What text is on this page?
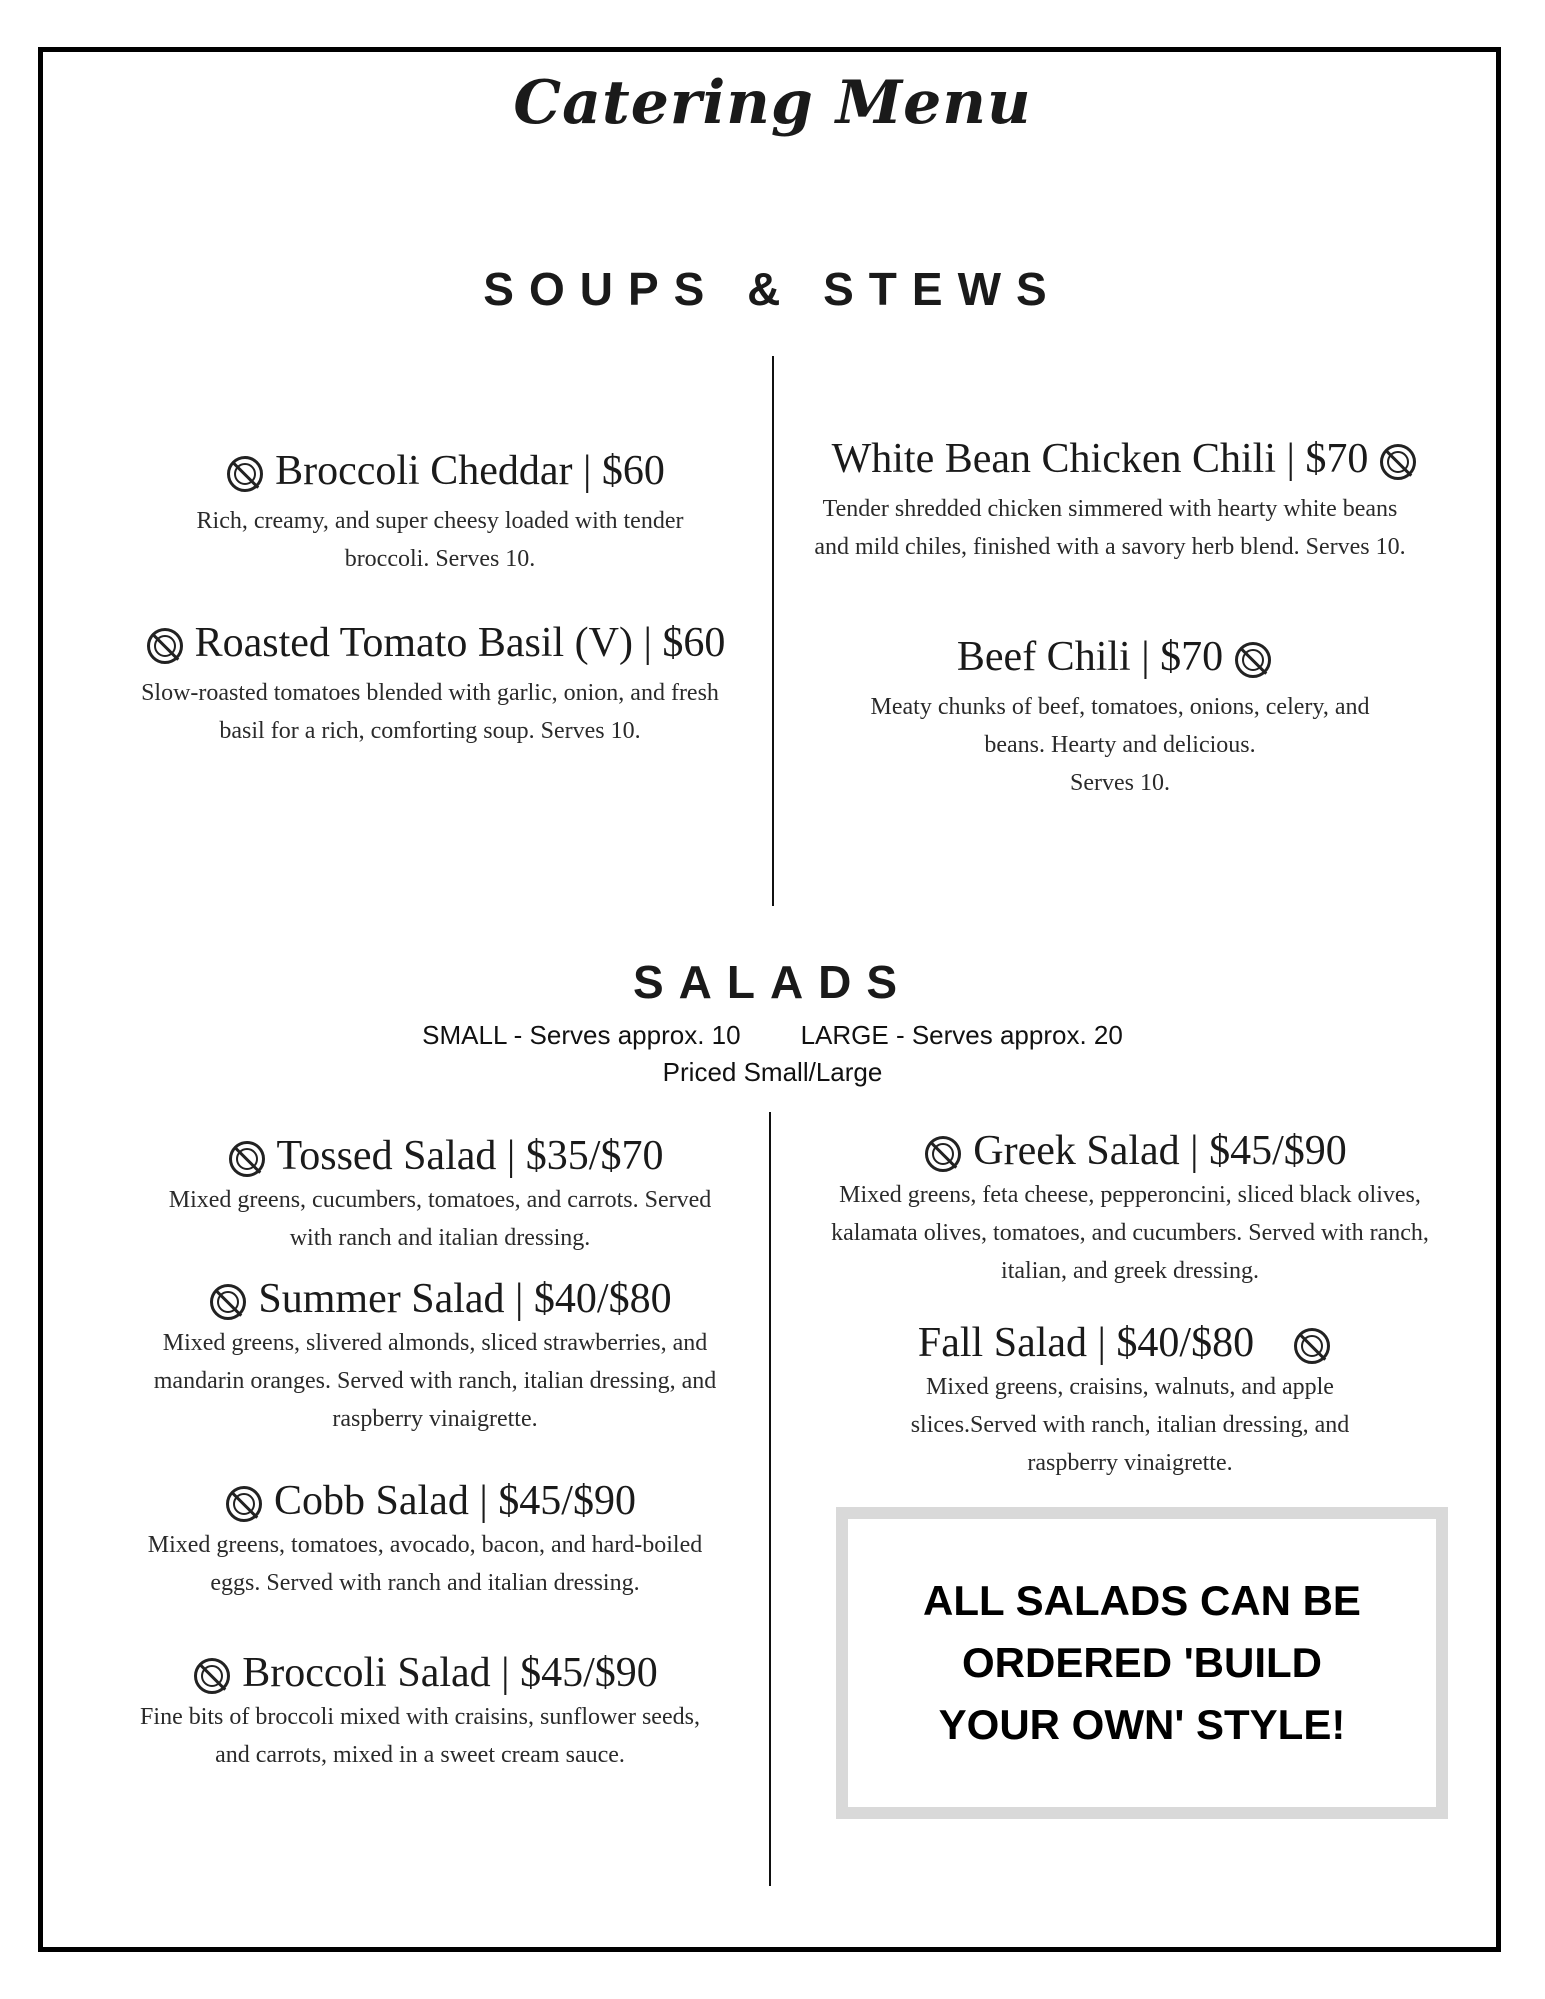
Catering Menu
SOUPS & STEWS
Broccoli Cheddar | $60
Rich, creamy, and super cheesy loaded with tender broccoli. Serves 10.
Roasted Tomato Basil (V) | $60
Slow-roasted tomatoes blended with garlic, onion, and fresh basil for a rich, comforting soup. Serves 10.
White Bean Chicken Chili | $70
Tender shredded chicken simmered with hearty white beans and mild chiles, finished with a savory herb blend. Serves 10.
Beef Chili | $70
Meaty chunks of beef, tomatoes, onions, celery, and beans. Hearty and delicious.
Serves 10.
SALADS
SMALL - Serves approx. 10 LARGE - Serves approx. 20
Priced Small/Large
Tossed Salad | $35/$70
Mixed greens, cucumbers, tomatoes, and carrots. Served with ranch and italian dressing.
Summer Salad | $40/$80
Mixed greens, slivered almonds, sliced strawberries, and mandarin oranges. Served with ranch, italian dressing, and raspberry vinaigrette.
Cobb Salad | $45/$90
Mixed greens, tomatoes, avocado, bacon, and hard-boiled eggs. Served with ranch and italian dressing.
Broccoli Salad | $45/$90
Fine bits of broccoli mixed with craisins, sunflower seeds, and carrots, mixed in a sweet cream sauce.
Greek Salad | $45/$90
Mixed greens, feta cheese, pepperoncini, sliced black olives, kalamata olives, tomatoes, and cucumbers. Served with ranch, italian, and greek dressing.
Fall Salad | $40/$80
Mixed greens, craisins, walnuts, and apple slices.Served with ranch, italian dressing, and raspberry vinaigrette.
ALL SALADS CAN BE ORDERED 'BUILD YOUR OWN' STYLE!
